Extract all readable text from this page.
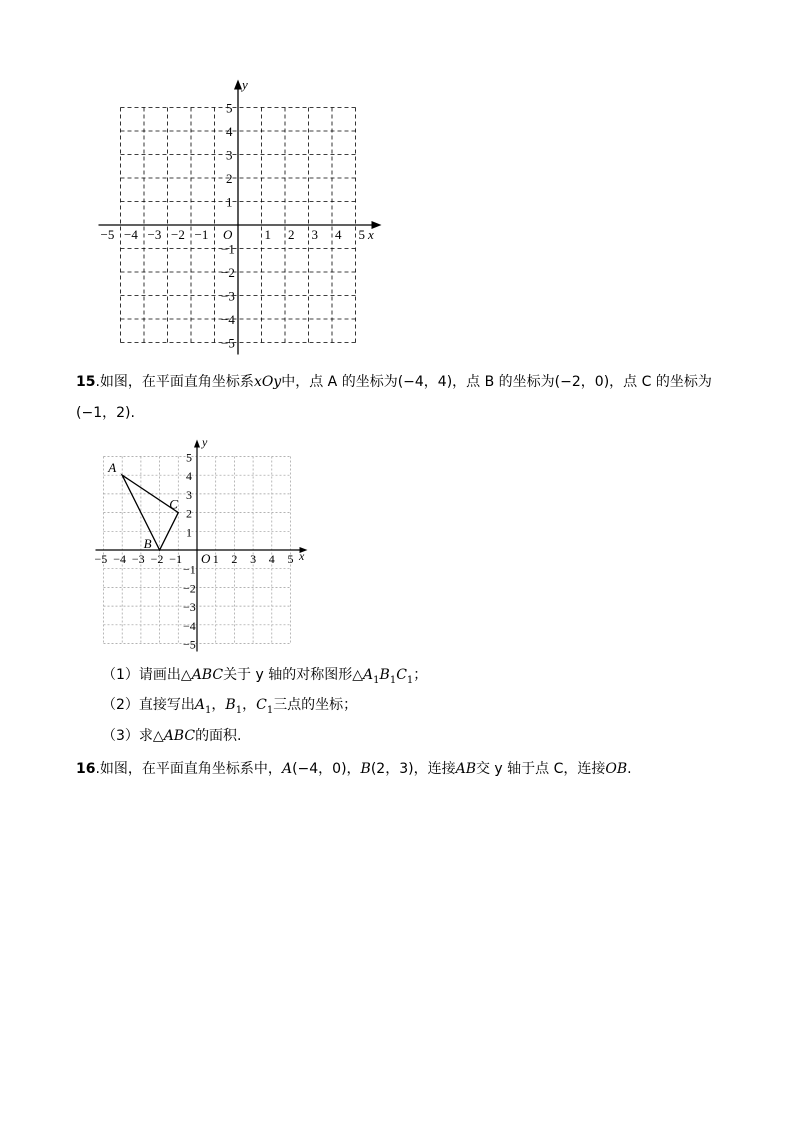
−5 −4 −3 −2 −1	1 2 3 4 5
5
4
3
2
1
−1
−2
−3
−4
−5
x
y
O
15.如图，在平面直角坐标系xOy中，点 A 的坐标为(−4，4)，点 B 的坐标为(−2，0)，点 C 的坐标为
(−1，2).
−5 −4 −3 −2 −1	1 2 3 4 5
5
4
3
2
1
−1
−2
−3
−4
−5
A
B
C
x
y
O
（1）请画出△ABC关于 y 轴的对称图形$\triangle A_1B_1C_1$；
（2）直接写出$A_1$，$B_1$，$C_1$三点的坐标；
（3）求△ABC的面积.
16.如图，在平面直角坐标系中，A(−4，0)，B(2，3)，连接AB交 y 轴于点 C，连接OB.
